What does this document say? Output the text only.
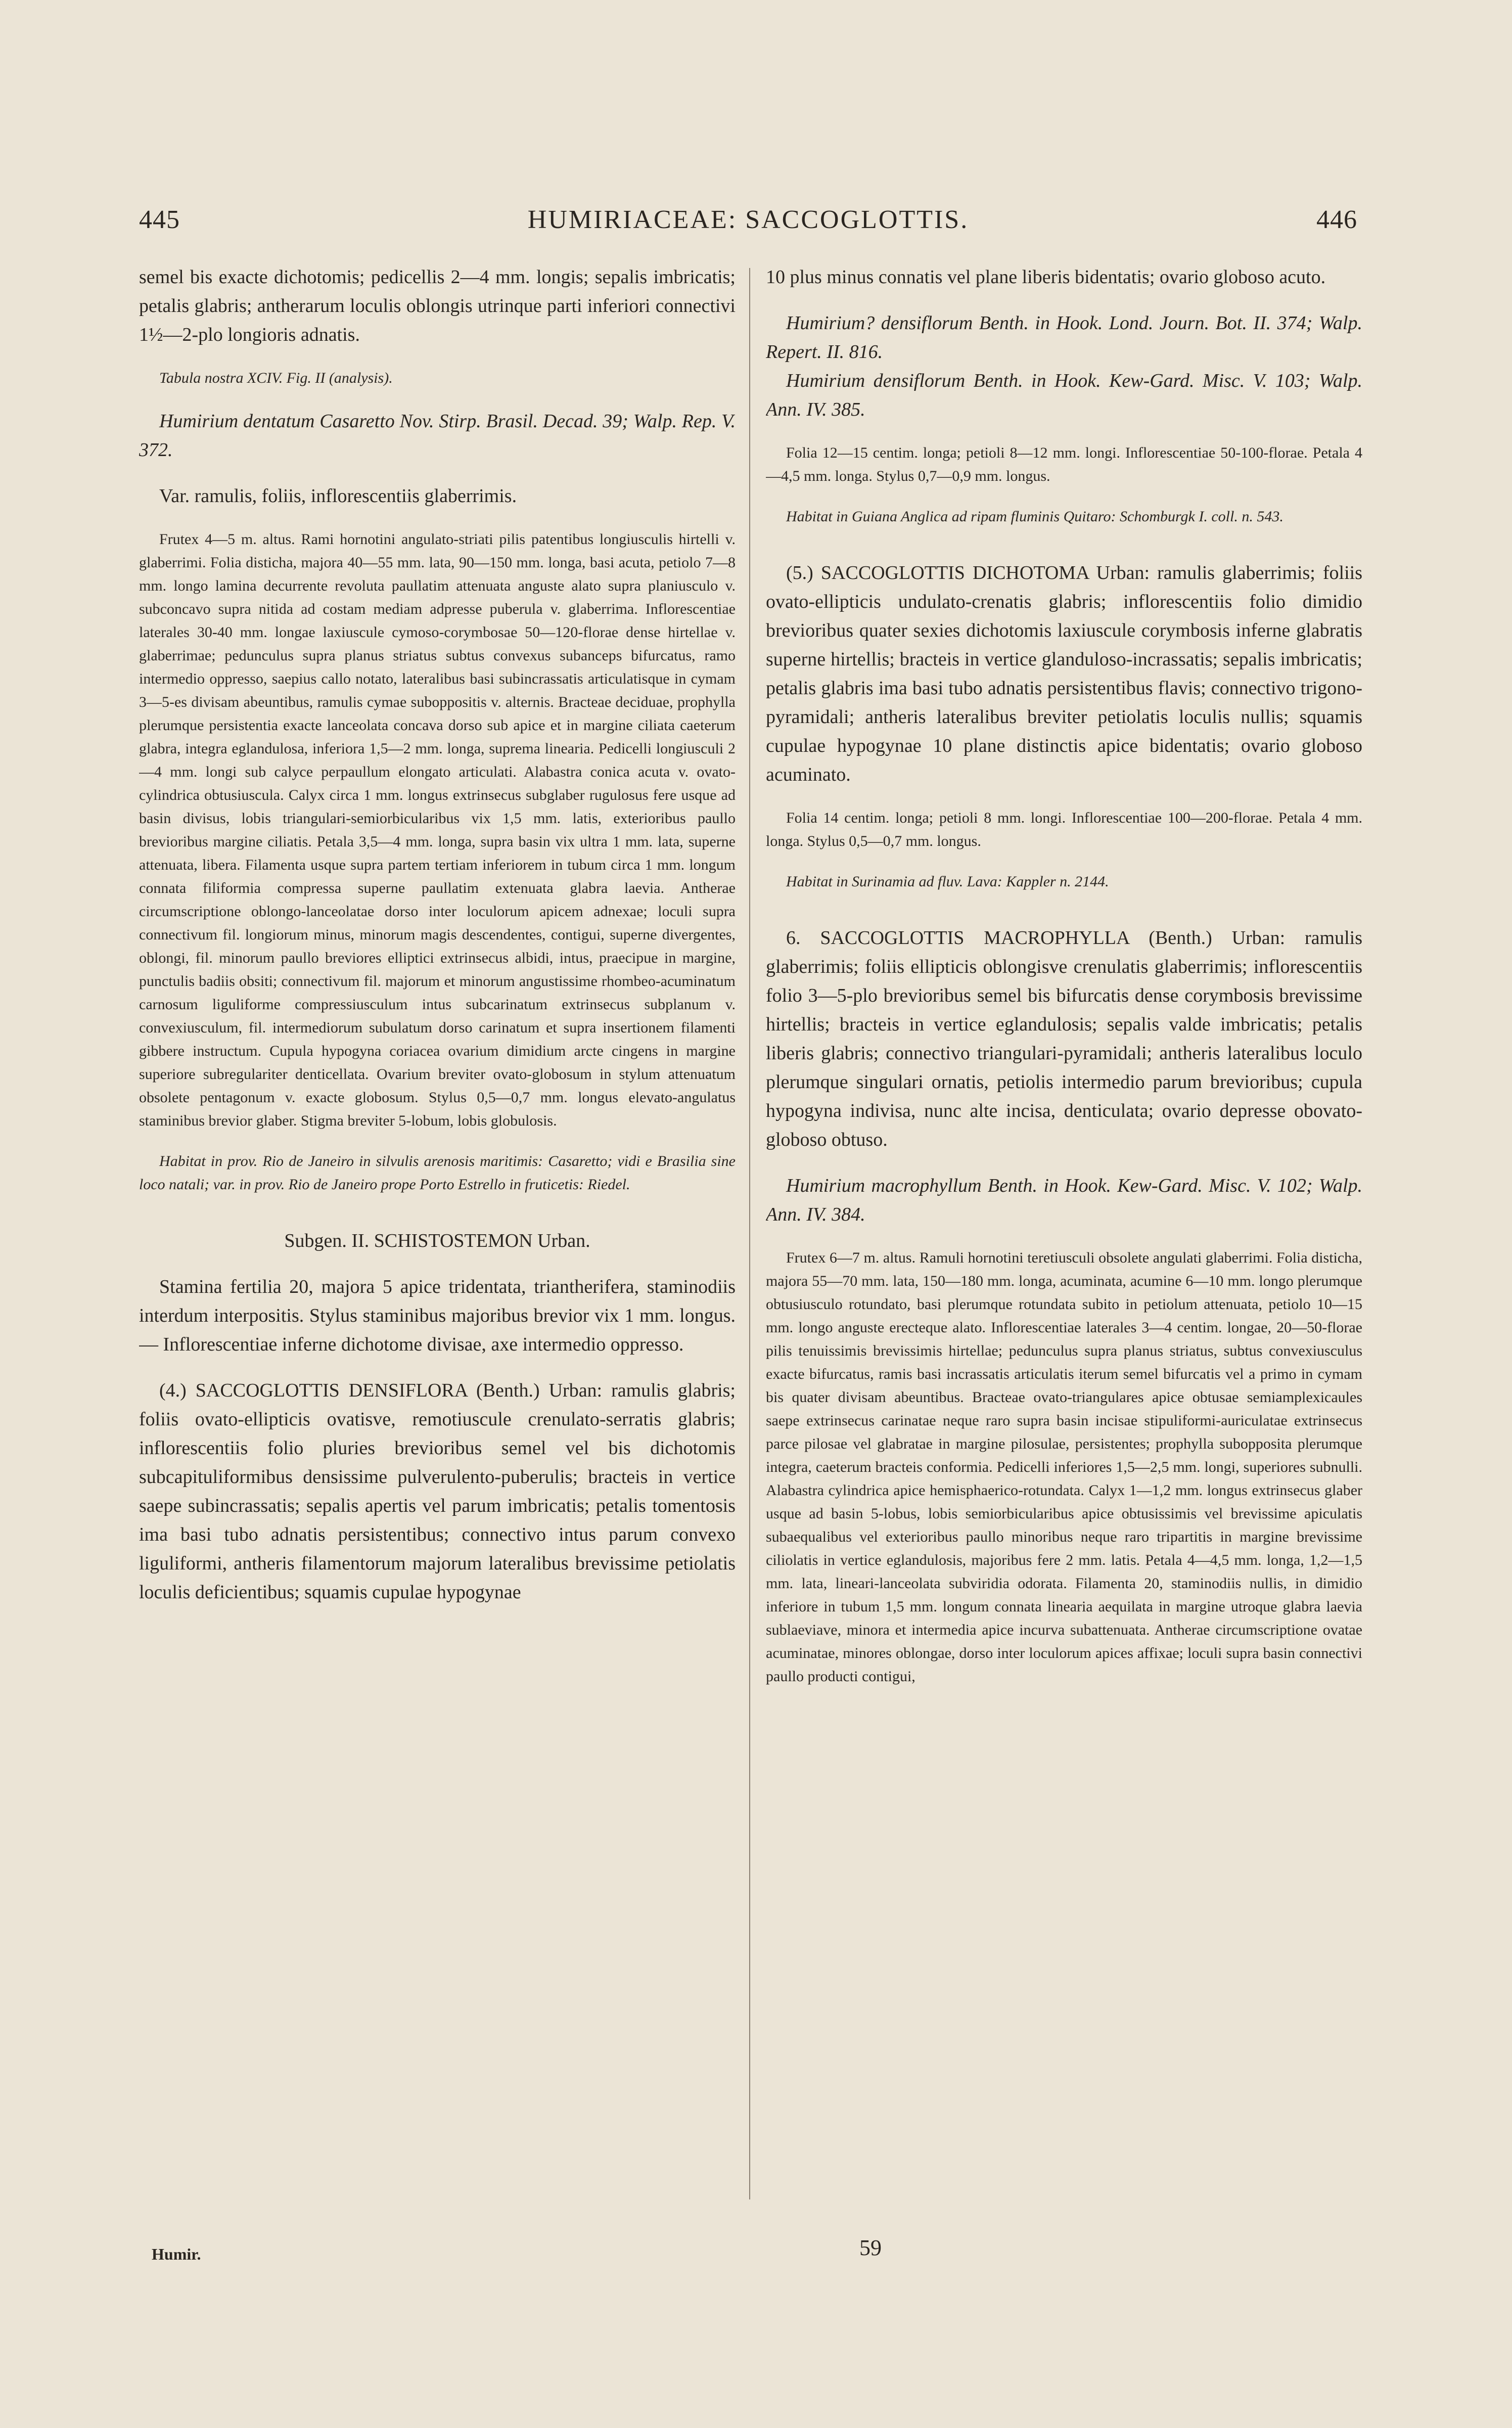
445	HUMIRIACEAE: SACCOGLOTTIS.	446

semel bis exacte dichotomis; pedicellis 2—4 mm. longis; sepalis imbricatis; petalis glabris; antherarum loculis oblongis utrinque parti inferiori connectivi 1½—2-plo longioris adnatis.

Tabula nostra XCIV. Fig. II (analysis).

Humirium dentatum Casaretto Nov. Stirp. Brasil. Decad. 39; Walp. Rep. V. 372.

Var. ramulis, foliis, inflorescentiis glaberrimis.

Frutex 4—5 m. altus. Rami hornotini angulato-striati pilis patentibus longiusculis hirtelli v. glaberrimi. Folia disticha, majora 40—55 mm. lata, 90—150 mm. longa, basi acuta, petiolo 7—8 mm. longo lamina decurrente revoluta paullatim attenuata anguste alato supra planiusculo v. subconcavo supra nitida ad costam mediam adpresse puberula v. glaberrima. Inflorescentiae laterales 30-40 mm. longae laxiuscule cymoso-corymbosae 50—120-florae dense hirtellae v. glaberrimae; pedunculus supra planus striatus subtus convexus subanceps bifurcatus, ramo intermedio oppresso, saepius callo notato, lateralibus basi subincrassatis articulatisque in cymam 3—5-es divisam abeuntibus, ramulis cymae suboppositis v. alternis. Bracteae deciduae, prophylla plerumque persistentia exacte lanceolata concava dorso sub apice et in margine ciliata caeterum glabra, integra eglandulosa, inferiora 1,5—2 mm. longa, suprema linearia. Pedicelli longiusculi 2—4 mm. longi sub calyce perpaullum elongato articulati. Alabastra conica acuta v. ovato-cylindrica obtusiuscula. Calyx circa 1 mm. longus extrinsecus subglaber rugulosus fere usque ad basin divisus, lobis triangulari-semiorbicularibus vix 1,5 mm. latis, exterioribus paullo brevioribus margine ciliatis. Petala 3,5—4 mm. longa, supra basin vix ultra 1 mm. lata, superne attenuata, libera. Filamenta usque supra partem tertiam inferiorem in tubum circa 1 mm. longum connata filiformia compressa superne paullatim extenuata glabra laevia. Antherae circumscriptione oblongo-lanceolatae dorso inter loculorum apicem adnexae; loculi supra connectivum fil. longiorum minus, minorum magis descendentes, contigui, superne divergentes, oblongi, fil. minorum paullo breviores elliptici extrinsecus albidi, intus, praecipue in margine, punctulis badiis obsiti; connectivum fil. majorum et minorum angustissime rhombeo-acuminatum carnosum liguliforme compressiusculum intus subcarinatum extrinsecus subplanum v. convexiusculum, fil. intermediorum subulatum dorso carinatum et supra insertionem filamenti gibbere instructum. Cupula hypogyna coriacea ovarium dimidium arcte cingens in margine superiore subregulariter denticellata. Ovarium breviter ovato-globosum in stylum attenuatum obsolete pentagonum v. exacte globosum. Stylus 0,5—0,7 mm. longus elevato-angulatus staminibus brevior glaber. Stigma breviter 5-lobum, lobis globulosis.

Habitat in prov. Rio de Janeiro in silvulis arenosis maritimis: Casaretto; vidi e Brasilia sine loco natali; var. in prov. Rio de Janeiro prope Porto Estrello in fruticetis: Riedel.

Subgen. II. SCHISTOSTEMON Urban.

Stamina fertilia 20, majora 5 apice tridentata, triantherifera, staminodiis interdum interpositis. Stylus staminibus majoribus brevior vix 1 mm. longus. — Inflorescentiae inferne dichotome divisae, axe intermedio oppresso.

(4.) SACCOGLOTTIS DENSIFLORA (Benth.) Urban: ramulis glabris; foliis ovato-ellipticis ovatisve, remotiuscule crenulato-serratis glabris; inflorescentiis folio pluries brevioribus semel vel bis dichotomis subcapituliformibus densissime pulverulento-puberulis; bracteis in vertice saepe subincrassatis; sepalis apertis vel parum imbricatis; petalis tomentosis ima basi tubo adnatis persistentibus; connectivo intus parum convexo liguliformi, antheris filamentorum majorum lateralibus brevissime petiolatis loculis deficientibus; squamis cupulae hypogynae

10 plus minus connatis vel plane liberis bidentatis; ovario globoso acuto.

Humirium? densiflorum Benth. in Hook. Lond. Journ. Bot. II. 374; Walp. Repert. II. 816.

Humirium densiflorum Benth. in Hook. Kew-Gard. Misc. V. 103; Walp. Ann. IV. 385.

Folia 12—15 centim. longa; petioli 8—12 mm. longi. Inflorescentiae 50-100-florae. Petala 4—4,5 mm. longa. Stylus 0,7—0,9 mm. longus.

Habitat in Guiana Anglica ad ripam fluminis Quitaro: Schomburgk I. coll. n. 543.

(5.) SACCOGLOTTIS DICHOTOMA Urban: ramulis glaberrimis; foliis ovato-ellipticis undulato-crenatis glabris; inflorescentiis folio dimidio brevioribus quater sexies dichotomis laxiuscule corymbosis inferne glabratis superne hirtellis; bracteis in vertice glanduloso-incrassatis; sepalis imbricatis; petalis glabris ima basi tubo adnatis persistentibus flavis; connectivo trigono-pyramidali; antheris lateralibus breviter petiolatis loculis nullis; squamis cupulae hypogynae 10 plane distinctis apice bidentatis; ovario globoso acuminato.

Folia 14 centim. longa; petioli 8 mm. longi. Inflorescentiae 100—200-florae. Petala 4 mm. longa. Stylus 0,5—0,7 mm. longus.

Habitat in Surinamia ad fluv. Lava: Kappler n. 2144.

6. SACCOGLOTTIS MACROPHYLLA (Benth.) Urban: ramulis glaberrimis; foliis ellipticis oblongisve crenulatis glaberrimis; inflorescentiis folio 3—5-plo brevioribus semel bis bifurcatis dense corymbosis brevissime hirtellis; bracteis in vertice eglandulosis; sepalis valde imbricatis; petalis liberis glabris; connectivo triangulari-pyramidali; antheris lateralibus loculo plerumque singulari ornatis, petiolis intermedio parum brevioribus; cupula hypogyna indivisa, nunc alte incisa, denticulata; ovario depresse obovato-globoso obtuso.

Humirium macrophyllum Benth. in Hook. Kew-Gard. Misc. V. 102; Walp. Ann. IV. 384.

Frutex 6—7 m. altus. Ramuli hornotini teretiusculi obsolete angulati glaberrimi. Folia disticha, majora 55—70 mm. lata, 150—180 mm. longa, acuminata, acumine 6—10 mm. longo plerumque obtusiusculo rotundato, basi plerumque rotundata subito in petiolum attenuata, petiolo 10—15 mm. longo anguste erecteque alato. Inflorescentiae laterales 3—4 centim. longae, 20—50-florae pilis tenuissimis brevissimis hirtellae; pedunculus supra planus striatus, subtus convexiusculus exacte bifurcatus, ramis basi incrassatis articulatis iterum semel bifurcatis vel a primo in cymam bis quater divisam abeuntibus. Bracteae ovato-triangulares apice obtusae semiamplexicaules saepe extrinsecus carinatae neque raro supra basin incisae stipuliformi-auriculatae extrinsecus parce pilosae vel glabratae in margine pilosulae, persistentes; prophylla subopposita plerumque integra, caeterum bracteis conformia. Pedicelli inferiores 1,5—2,5 mm. longi, superiores subnulli. Alabastra cylindrica apice hemisphaerico-rotundata. Calyx 1—1,2 mm. longus extrinsecus glaber usque ad basin 5-lobus, lobis semiorbicularibus apice obtusissimis vel brevissime apiculatis subaequalibus vel exterioribus paullo minoribus neque raro tripartitis in margine brevissime ciliolatis in vertice eglandulosis, majoribus fere 2 mm. latis. Petala 4—4,5 mm. longa, 1,2—1,5 mm. lata, lineari-lanceolata subviridia odorata. Filamenta 20, staminodiis nullis, in dimidio inferiore in tubum 1,5 mm. longum connata linearia aequilata in margine utroque glabra laevia sublaeviave, minora et intermedia apice incurva subattenuata. Antherae circumscriptione ovatae acuminatae, minores oblongae, dorso inter loculorum apices affixae; loculi supra basin connectivi paullo producti contigui,

Humir.	59
